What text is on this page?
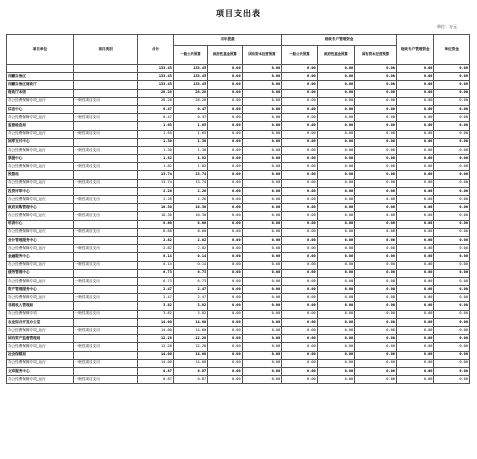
项目支出表
单位：万元
项目单位	项目类别	合计	当年拨款			财政专户管理资金			财政专户管理资金	单位资金
			一般公共预算	政府性基金预算	国有资本经营预算	一般公共预算	政府性基金预算	国有资本经营预算		
		133.45	133.45	0.00	0.00	0.00	0.00	0.00	0.00	0.00
西藏自治区		133.45	133.45	0.00	0.00	0.00	0.00	0.00	0.00	0.00
西藏自治区财政厅		133.45	133.45	0.00	0.00	0.00	0.00	0.00	0.00	0.00
财政厅本级		28.28	28.28	0.00	0.00	0.00	0.00	0.00	0.00	0.00
办公经费保障专项_运行	一般性项目支出	28.28	28.28	0.00	0.00	0.00	0.00	0.00	0.00	0.00
信息中心		0.47	0.47	0.00	0.00	0.00	0.00	0.00	0.00	0.00
办公经费保障专项_运行	一般性项目支出	0.47	0.47	0.00	0.00	0.00	0.00	0.00	0.00	0.00
监督检查局		1.65	1.65	0.00	0.00	0.00	0.00	0.00	0.00	0.00
办公经费保障专项_运行	一般性项目支出	1.65	1.65	0.00	0.00	0.00	0.00	0.00	0.00	0.00
国库支付中心		1.30	1.30	0.00	0.00	0.00	0.00	0.00	0.00	0.00
办公经费保障专项_运行	一般性项目支出	1.30	1.30	0.00	0.00	0.00	0.00	0.00	0.00	0.00
票据中心		1.82	1.82	0.00	0.00	0.00	0.00	0.00	0.00	0.00
办公经费保障专项_运行	一般性项目支出	1.82	1.82	0.00	0.00	0.00	0.00	0.00	0.00	0.00
预算局		13.74	13.74	0.00	0.00	0.00	0.00	0.00	0.00	0.00
办公经费保障专项_运行	一般性项目支出	13.74	13.74	0.00	0.00	0.00	0.00	0.00	0.00	0.00
投资评审中心		2.26	2.26	0.00	0.00	0.00	0.00	0.00	0.00	0.00
办公经费保障专项_运行	一般性项目支出	2.26	2.26	0.00	0.00	0.00	0.00	0.00	0.00	0.00
政府采购管理中心		10.30	10.30	0.00	0.00	0.00	0.00	0.00	0.00	0.00
办公经费保障专项_运行	一般性项目支出	10.30	10.30	0.00	0.00	0.00	0.00	0.00	0.00	0.00
培训中心		8.60	8.60	0.00	0.00	0.00	0.00	0.00	0.00	0.00
办公经费保障专项_运行	一般性项目支出	8.60	8.60	0.00	0.00	0.00	0.00	0.00	0.00	0.00
会计管理服务中心		2.82	2.82	0.00	0.00	0.00	0.00	0.00	0.00	0.00
办公经费保障专项_运行	一般性项目支出	2.82	2.82	0.00	0.00	0.00	0.00	0.00	0.00	0.00
金融服务中心		0.14	0.14	0.00	0.00	0.00	0.00	0.00	0.00	0.00
办公经费保障专项_运行	一般性项目支出	0.14	0.14	0.00	0.00	0.00	0.00	0.00	0.00	0.00
债务管理中心		6.73	6.73	0.00	0.00	0.00	0.00	0.00	0.00	0.00
办公经费保障专项_运行	一般性项目支出	6.73	6.73	0.00	0.00	0.00	0.00	0.00	0.00	0.00
资产管理服务中心		2.47	2.47	0.00	0.00	0.00	0.00	0.00	0.00	0.00
办公经费保障专项_运行	一般性项目支出	2.47	2.47	0.00	0.00	0.00	0.00	0.00	0.00	0.00
非税收入管理局		3.82	3.82	0.00	0.00	0.00	0.00	0.00	0.00	0.00
办公经费保障专项	一般性项目支出	3.82	3.82	0.00	0.00	0.00	0.00	0.00	0.00	0.00
农业综合开发办公室		14.00	14.00	0.00	0.00	0.00	0.00	0.00	0.00	0.00
办公经费保障专项_运行	一般性项目支出	14.00	14.00	0.00	0.00	0.00	0.00	0.00	0.00	0.00
国有资产监督管理局		12.28	12.28	0.00	0.00	0.00	0.00	0.00	0.00	0.00
办公经费保障专项_运行	一般性项目支出	12.28	12.28	0.00	0.00	0.00	0.00	0.00	0.00	0.00
社会保障局		14.00	14.00	0.00	0.00	0.00	0.00	0.00	0.00	0.00
办公经费保障专项_运行	一般性项目支出	14.00	14.00	0.00	0.00	0.00	0.00	0.00	0.00	0.00
文印服务中心		0.87	0.87	0.00	0.00	0.00	0.00	0.00	0.00	0.00
办公经费保障专项_运行	一般性项目支出	0.87	0.87	0.00	0.00	0.00	0.00	0.00	0.00	0.00
